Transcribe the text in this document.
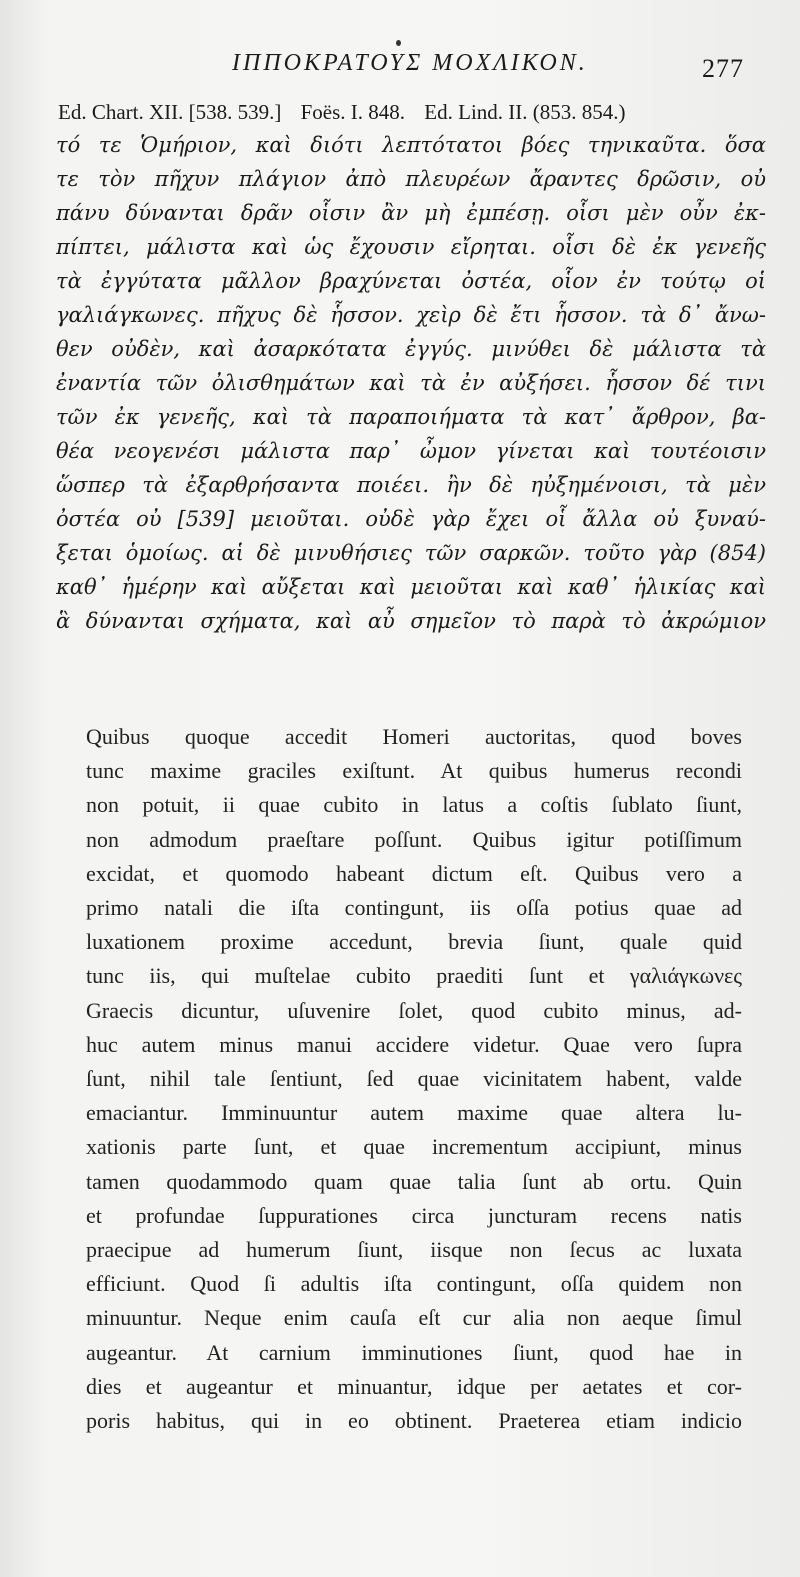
ΙΠΠΟΚΡΑΤΟΥΣ ΜΟΧΛΙΚΟΝ.	277
Ed. Chart. XII. [538. 539.] Foës. I. 848. Ed. Lind. II. (853. 854.)
τό τε Ὁμήριον, καὶ διότι λεπτότατοι βόες τηνικαῦτα. ὅσα
τε τὸν πῆχυν πλάγιον ἀπὸ πλευρέων ἄραντες δρῶσιν, οὐ
πάνυ δύνανται δρᾶν οἷσιν ἂν μὴ ἐμπέσῃ. οἷσι μὲν οὖν ἐκ-
πίπτει, μάλιστα καὶ ὡς ἔχουσιν εἴρηται. οἷσι δὲ ἐκ γενεῆς
τὰ ἐγγύτατα μᾶλλον βραχύνεται ὀστέα, οἷον ἐν τούτῳ οἱ
γαλιάγκωνες. πῆχυς δὲ ἧσσον. χεὶρ δὲ ἔτι ἧσσον. τὰ δ᾽ ἄνω-
θεν οὐδὲν, καὶ ἀσαρκότατα ἐγγύς. μινύθει δὲ μάλιστα τὰ
ἐναντία τῶν ὀλισθημάτων καὶ τὰ ἐν αὐξήσει. ἧσσον δέ τινι
τῶν ἐκ γενεῆς, καὶ τὰ παραποιήματα τὰ κατ᾽ ἄρθρον, βα-
θέα νεογενέσι μάλιστα παρ᾽ ὦμον γίνεται καὶ τουτέοισιν
ὥσπερ τὰ ἐξαρθρήσαντα ποιέει. ἢν δὲ ηὐξημένοισι, τὰ μὲν
ὀστέα οὐ [539] μειοῦται. οὐδὲ γὰρ ἔχει οἷ ἄλλα οὐ ξυναύ-
ξεται ὁμοίως. αἱ δὲ μινυθήσιες τῶν σαρκῶν. τοῦτο γὰρ (854)
καθ᾽ ἡμέρην καὶ αὔξεται καὶ μειοῦται καὶ καθ᾽ ἡλικίας καὶ
ἃ δύνανται σχήματα, καὶ αὖ σημεῖον τὸ παρὰ τὸ ἀκρώμιον
Quibus quoque accedit Homeri auctoritas, quod boves
tunc maxime graciles exiſtunt. At quibus humerus recondi
non potuit, ii quae cubito in latus a coſtis ſublato ſiunt,
non admodum praeſtare poſſunt. Quibus igitur potiſſimum
excidat, et quomodo habeant dictum eſt. Quibus vero a
primo natali die iſta contingunt, iis oſſa potius quae ad
luxationem proxime accedunt, brevia ſiunt, quale quid
tunc iis, qui muſtelae cubito praediti ſunt et γαλιάγκωνες
Graecis dicuntur, uſuvenire ſolet, quod cubito minus, ad-
huc autem minus manui accidere videtur. Quae vero ſupra
ſunt, nihil tale ſentiunt, ſed quae vicinitatem habent, valde
emaciantur. Imminuuntur autem maxime quae altera lu-
xationis parte ſunt, et quae incrementum accipiunt, minus
tamen quodammodo quam quae talia ſunt ab ortu. Quin
et profundae ſuppurationes circa juncturam recens natis
praecipue ad humerum ſiunt, iisque non ſecus ac luxata
efficiunt. Quod ſi adultis iſta contingunt, oſſa quidem non
minuuntur. Neque enim cauſa eſt cur alia non aeque ſimul
augeantur. At carnium imminutiones ſiunt, quod hae in
dies et augeantur et minuantur, idque per aetates et cor-
poris habitus, qui in eo obtinent. Praeterea etiam indicio
